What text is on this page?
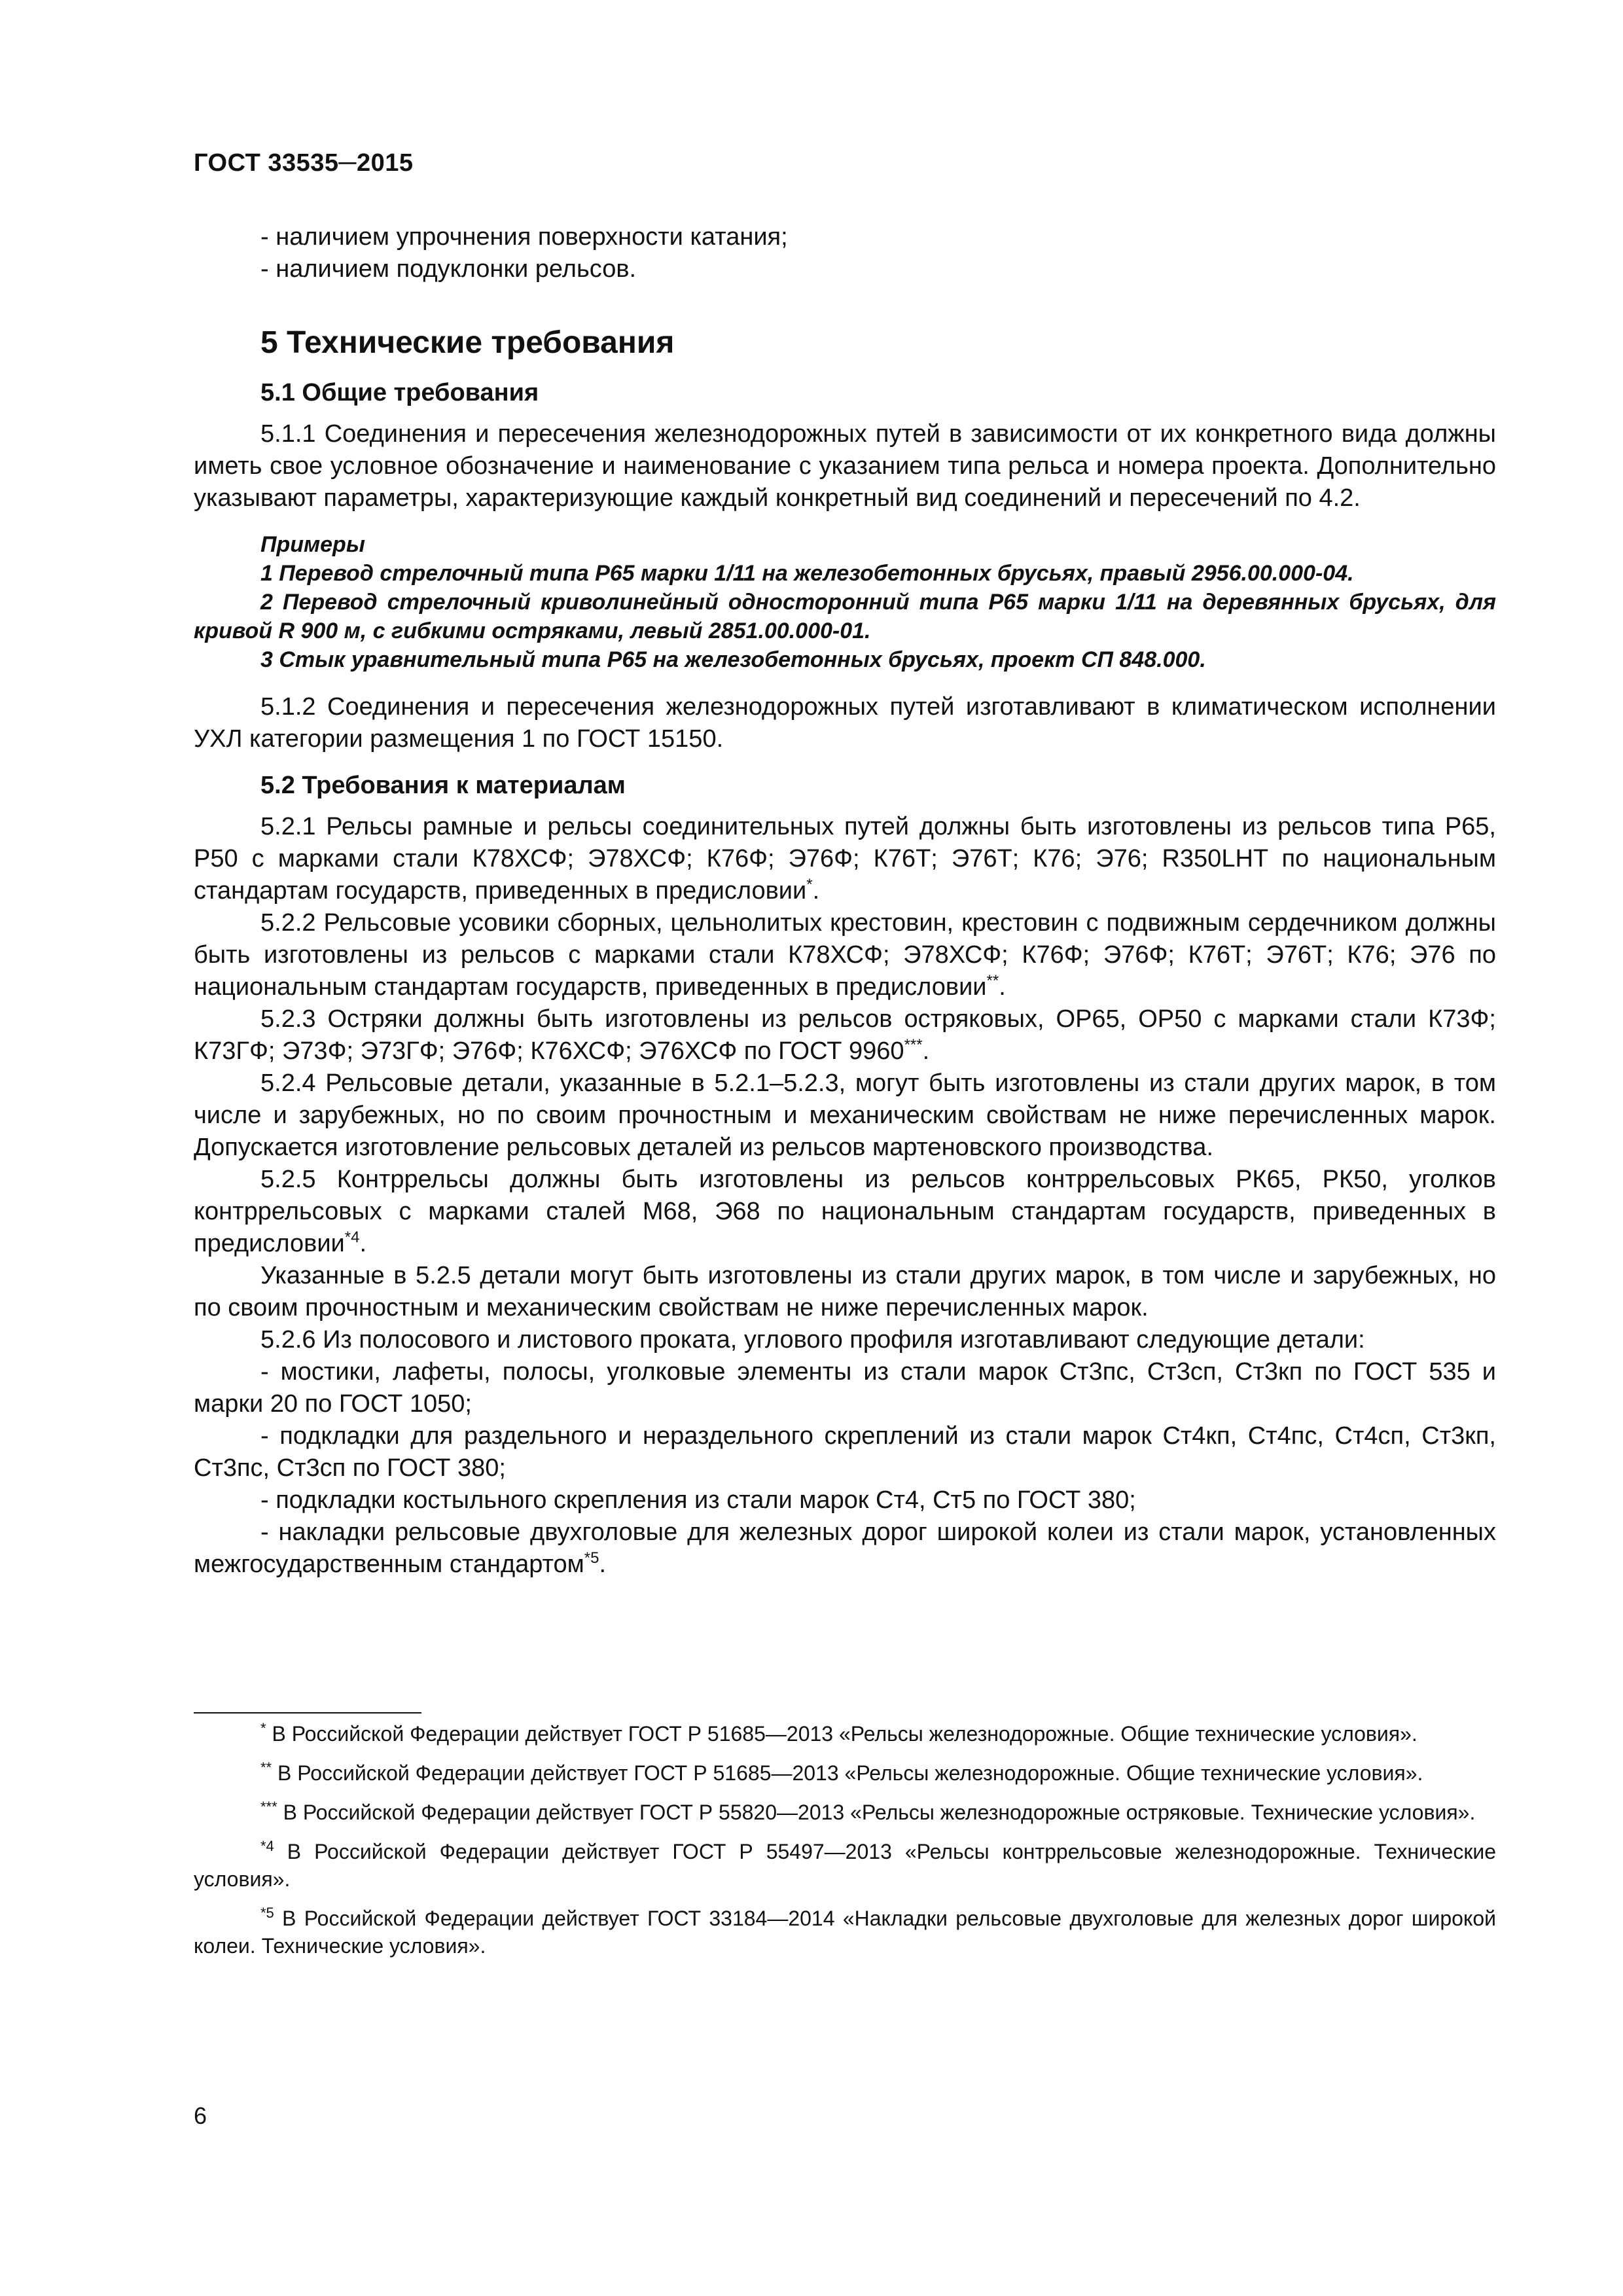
ГОСТ 33535─2015

- наличием упрочнения поверхности катания;

- наличием подуклонки рельсов.

5 Технические требования

5.1 Общие требования

5.1.1 Соединения и пересечения железнодорожных путей в зависимости от их конкретного вида должны иметь свое условное обозначение и наименование с указанием типа рельса и номера проекта. Дополнительно указывают параметры, характеризующие каждый конкретный вид соединений и пересечений по 4.2.

Примеры

1 Перевод стрелочный типа Р65 марки 1/11 на железобетонных брусьях, правый 2956.00.000-04.

2 Перевод стрелочный криволинейный односторонний типа Р65 марки 1/11 на деревянных брусьях, для кривой R 900 м, с гибкими остряками, левый 2851.00.000-01.

3 Стык уравнительный типа Р65 на железобетонных брусьях, проект СП 848.000.

5.1.2 Соединения и пересечения железнодорожных путей изготавливают в климатическом исполнении УХЛ категории размещения 1 по ГОСТ 15150.

5.2 Требования к материалам

5.2.1 Рельсы рамные и рельсы соединительных путей должны быть изготовлены из рельсов типа Р65, Р50 с марками стали К78ХСФ; Э78ХСФ; К76Ф; Э76Ф; К76Т; Э76Т; К76; Э76; R350LHT по национальным стандартам государств, приведенных в предисловии*.

5.2.2 Рельсовые усовики сборных, цельнолитых крестовин, крестовин с подвижным сердечником должны быть изготовлены из рельсов с марками стали К78ХСФ; Э78ХСФ; К76Ф; Э76Ф; К76Т; Э76Т; К76; Э76 по национальным стандартам государств, приведенных в предисловии**.

5.2.3 Остряки должны быть изготовлены из рельсов остряковых, ОР65, ОР50 с марками стали К73Ф; К73ГФ; Э73Ф; Э73ГФ; Э76Ф; К76ХСФ; Э76ХСФ по ГОСТ 9960***.

5.2.4 Рельсовые детали, указанные в 5.2.1–5.2.3, могут быть изготовлены из стали других марок, в том числе и зарубежных, но по своим прочностным и механическим свойствам не ниже перечисленных марок. Допускается изготовление рельсовых деталей из рельсов мартеновского производства.

5.2.5 Контррельсы должны быть изготовлены из рельсов контррельсовых РК65, РК50, уголков контррельсовых с марками сталей М68, Э68 по национальным стандартам государств, приведенных в предисловии$^{*4}$.

Указанные в 5.2.5 детали могут быть изготовлены из стали других марок, в том числе и зарубежных, но по своим прочностным и механическим свойствам не ниже перечисленных марок.

5.2.6 Из полосового и листового проката, углового профиля изготавливают следующие детали:

- мостики, лафеты, полосы, уголковые элементы из стали марок Ст3пс, Ст3сп, Ст3кп по ГОСТ 535 и марки 20 по ГОСТ 1050;

- подкладки для раздельного и нераздельного скреплений из стали марок Ст4кп, Ст4пс, Ст4сп, Ст3кп, Ст3пс, Ст3сп по ГОСТ 380;

- подкладки костыльного скрепления из стали марок Ст4, Ст5 по ГОСТ 380;

- накладки рельсовые двухголовые для железных дорог широкой колеи из стали марок, установленных межгосударственным стандартом$^{*5}$.

* В Российской Федерации действует ГОСТ Р 51685—2013 «Рельсы железнодорожные. Общие технические условия».

** В Российской Федерации действует ГОСТ Р 51685—2013 «Рельсы железнодорожные. Общие технические условия».

*** В Российской Федерации действует ГОСТ Р 55820—2013 «Рельсы железнодорожные остряковые. Технические условия».

$^{*4}$ В Российской Федерации действует ГОСТ Р 55497—2013 «Рельсы контррельсовые железнодорожные. Технические условия».

$^{*5}$ В Российской Федерации действует ГОСТ 33184—2014 «Накладки рельсовые двухголовые для железных дорог широкой колеи. Технические условия».

6
